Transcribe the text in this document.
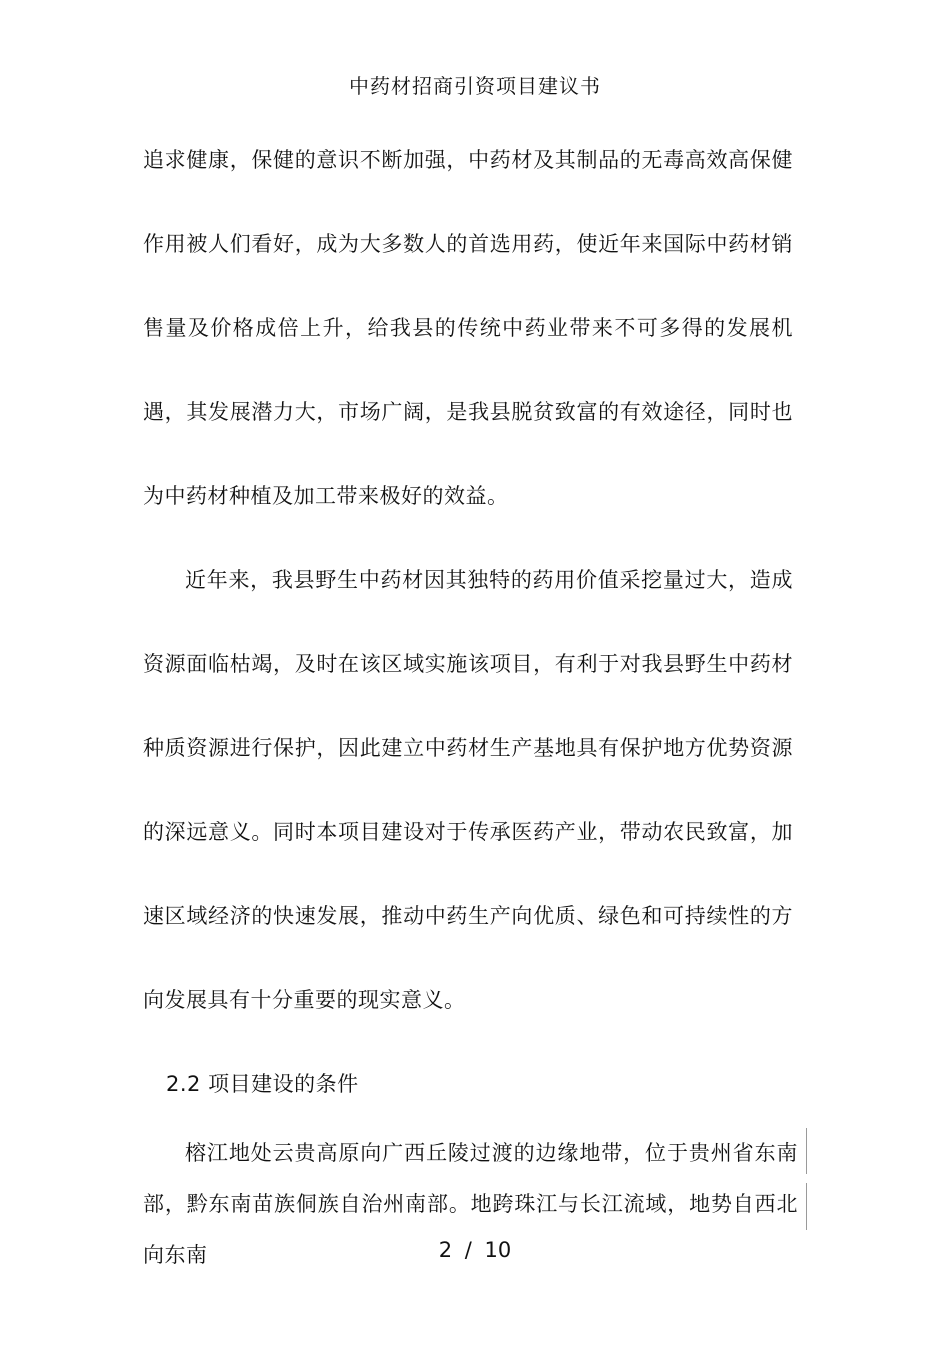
中药材招商引资项目建议书

追求健康，保健的意识不断加强，中药材及其制品的无毒高效高保健作用被人们看好，成为大多数人的首选用药，使近年来国际中药材销售量及价格成倍上升，给我县的传统中药业带来不可多得的发展机遇，其发展潜力大，市场广阔，是我县脱贫致富的有效途径，同时也为中药材种植及加工带来极好的效益。

近年来，我县野生中药材因其独特的药用价值采挖量过大，造成资源面临枯竭，及时在该区域实施该项目，有利于对我县野生中药材种质资源进行保护，因此建立中药材生产基地具有保护地方优势资源的深远意义。同时本项目建设对于传承医药产业，带动农民致富，加速区域经济的快速发展，推动中药生产向优质、绿色和可持续性的方向发展具有十分重要的现实意义。

2.2 项目建设的条件

榕江地处云贵高原向广西丘陵过渡的边缘地带，位于贵州省东南部，黔东南苗族侗族自治州南部。地跨珠江与长江流域，地势自西北向东南	2 / 10
